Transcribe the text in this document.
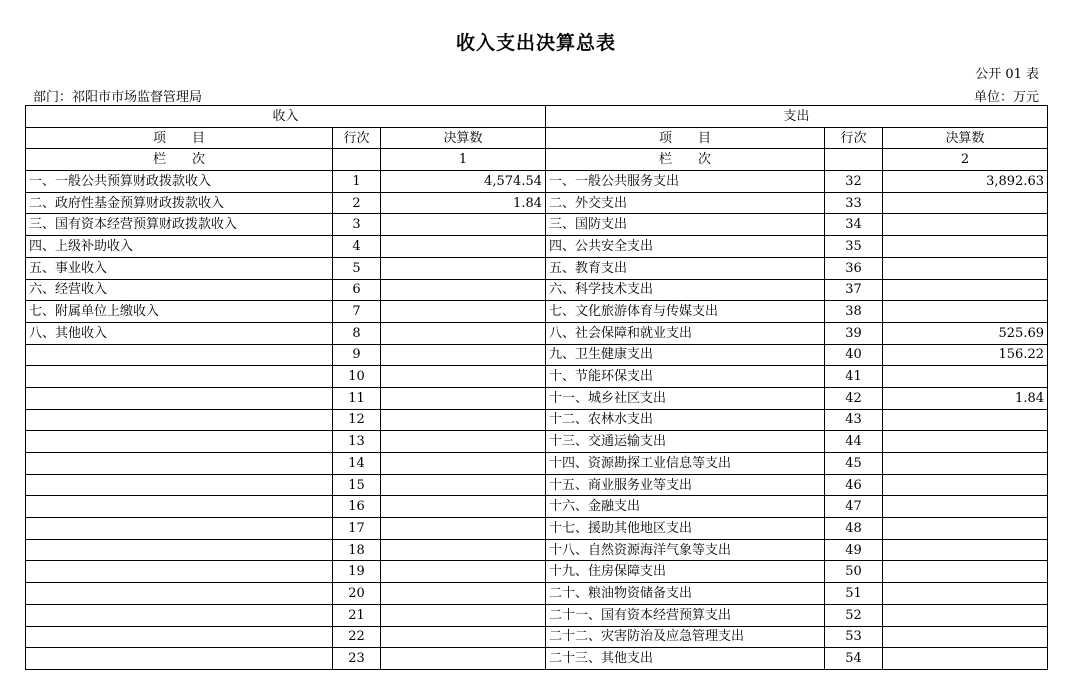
收入支出决算总表
公开 01 表
部门：祁阳市市场监督管理局	单位：万元
收入			支出		
项　　目	行次	决算数	项　　目	行次	决算数
栏　　次		1	栏　　次		2
一、一般公共预算财政拨款收入	1	4,574.54	一、一般公共服务支出	32	3,892.63
二、政府性基金预算财政拨款收入	2	1.84	二、外交支出	33	
三、国有资本经营预算财政拨款收入	3		三、国防支出	34	
四、上级补助收入	4		四、公共安全支出	35	
五、事业收入	5		五、教育支出	36	
六、经营收入	6		六、科学技术支出	37	
七、附属单位上缴收入	7		七、文化旅游体育与传媒支出	38	
八、其他收入	8		八、社会保障和就业支出	39	525.69
	9		九、卫生健康支出	40	156.22
	10		十、节能环保支出	41	
	11		十一、城乡社区支出	42	1.84
	12		十二、农林水支出	43	
	13		十三、交通运输支出	44	
	14		十四、资源勘探工业信息等支出	45	
	15		十五、商业服务业等支出	46	
	16		十六、金融支出	47	
	17		十七、援助其他地区支出	48	
	18		十八、自然资源海洋气象等支出	49	
	19		十九、住房保障支出	50	
	20		二十、粮油物资储备支出	51	
	21		二十一、国有资本经营预算支出	52	
	22		二十二、灾害防治及应急管理支出	53	
	23		二十三、其他支出	54	
